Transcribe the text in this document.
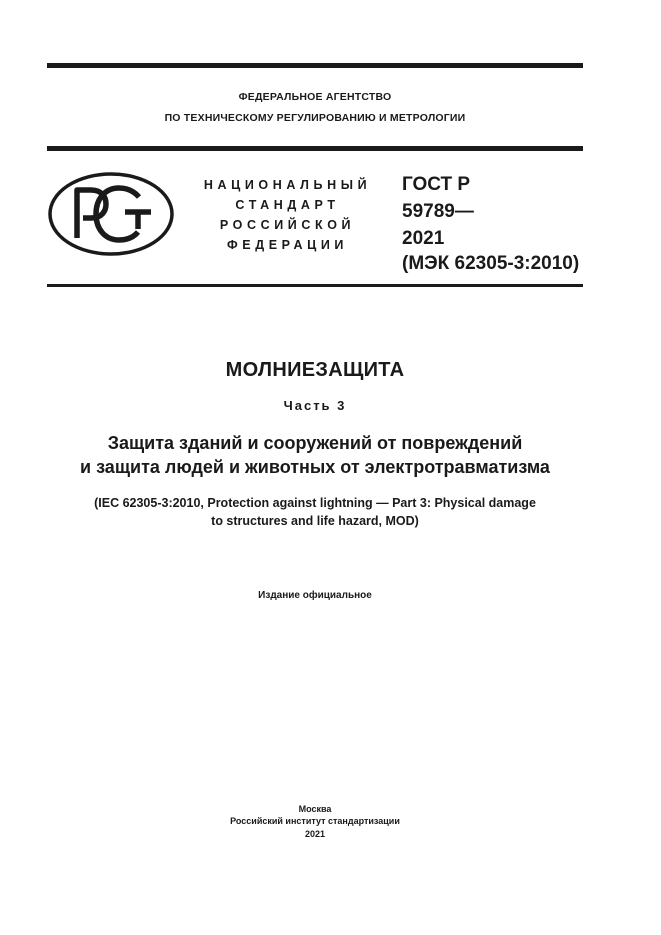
ФЕДЕРАЛЬНОЕ АГЕНТСТВО
ПО ТЕХНИЧЕСКОМУ РЕГУЛИРОВАНИЮ И МЕТРОЛОГИИ
НАЦИОНАЛЬНЫЙ
СТАНДАРТ
РОССИЙСКОЙ
ФЕДЕРАЦИИ
ГОСТ Р
59789—
2021
(МЭК 62305-3:2010)
МОЛНИЕЗАЩИТА
Часть 3
Защита зданий и сооружений от повреждений
и защита людей и животных от электротравматизма
(IEC 62305-3:2010, Protection against lightning — Part 3: Physical damage
to structures and life hazard, MOD)
Издание официальное
Москва
Российский институт стандартизации
2021
